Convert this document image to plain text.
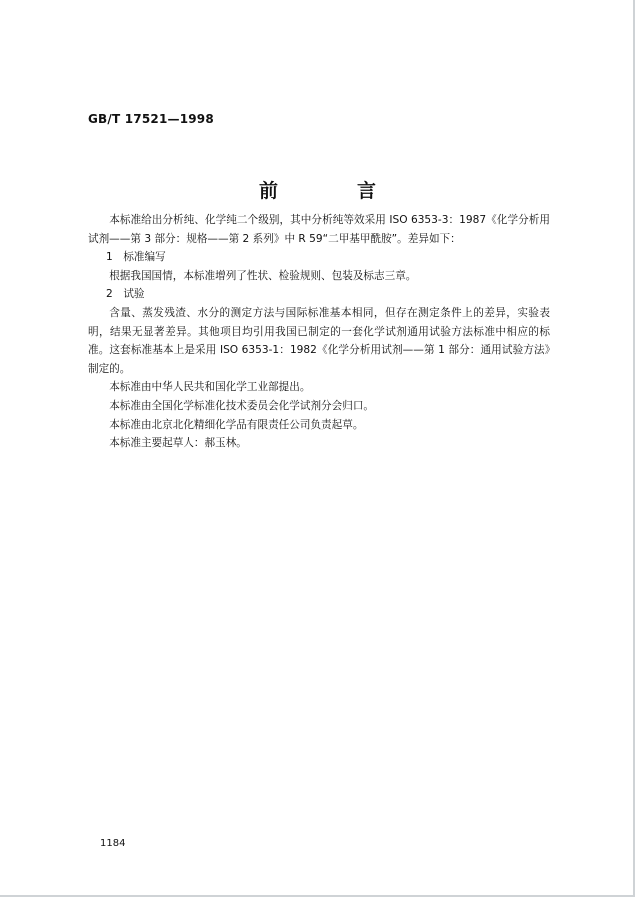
GB/T 17521—1998
前　言

本标准给出分析纯、化学纯二个级别，其中分析纯等效采用 ISO 6353-3：1987《化学分析用试剂——第 3 部分：规格——第 2 系列》中 R 59“二甲基甲酰胺”。差异如下：

1　标准编写

根据我国国情，本标准增列了性状、检验规则、包装及标志三章。

2　试验

含量、蒸发残渣、水分的测定方法与国际标准基本相同，但存在测定条件上的差异，实验表明，结果无显著差异。其他项目均引用我国已制定的一套化学试剂通用试验方法标准中相应的标准。这套标准基本上是采用 ISO 6353-1：1982《化学分析用试剂——第 1 部分：通用试验方法》制定的。

本标准由中华人民共和国化学工业部提出。

本标准由全国化学标准化技术委员会化学试剂分会归口。

本标准由北京北化精细化学品有限责任公司负责起草。

本标准主要起草人：郝玉林。

1184
